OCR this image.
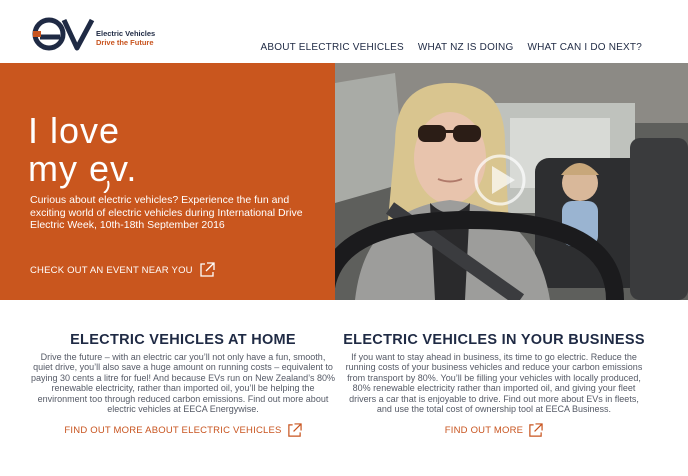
Electric Vehicles
Drive the Future	ABOUT ELECTRIC VEHICLES WHAT NZ IS DOING WHAT CAN I DO NEXT?
I love
my ev.

Curious about electric vehicles? Experience the fun and exciting world of electric vehicles during International Drive Electric Week, 10th-18th September 2016

CHECK OUT AN EVENT NEAR YOU
ELECTRIC VEHICLES AT HOME

Drive the future – with an electric car you’ll not only have a fun, smooth, quiet drive, you’ll also save a huge amount on running costs – equivalent to paying 30 cents a litre for fuel! And because EVs run on New Zealand’s 80% renewable electricity, rather than imported oil, you’ll be helping the environment too through reduced carbon emissions. Find out more about electric vehicles at EECA Energywise.

FIND OUT MORE ABOUT ELECTRIC VEHICLES
ELECTRIC VEHICLES IN YOUR BUSINESS

If you want to stay ahead in business, its time to go electric. Reduce the running costs of your business vehicles and reduce your carbon emissions from transport by 80%. You’ll be filling your vehicles with locally produced, 80% renewable electricity rather than imported oil, and giving your fleet drivers a car that is enjoyable to drive. Find out more about EVs in fleets, and use the total cost of ownership tool at EECA Business.

FIND OUT MORE
